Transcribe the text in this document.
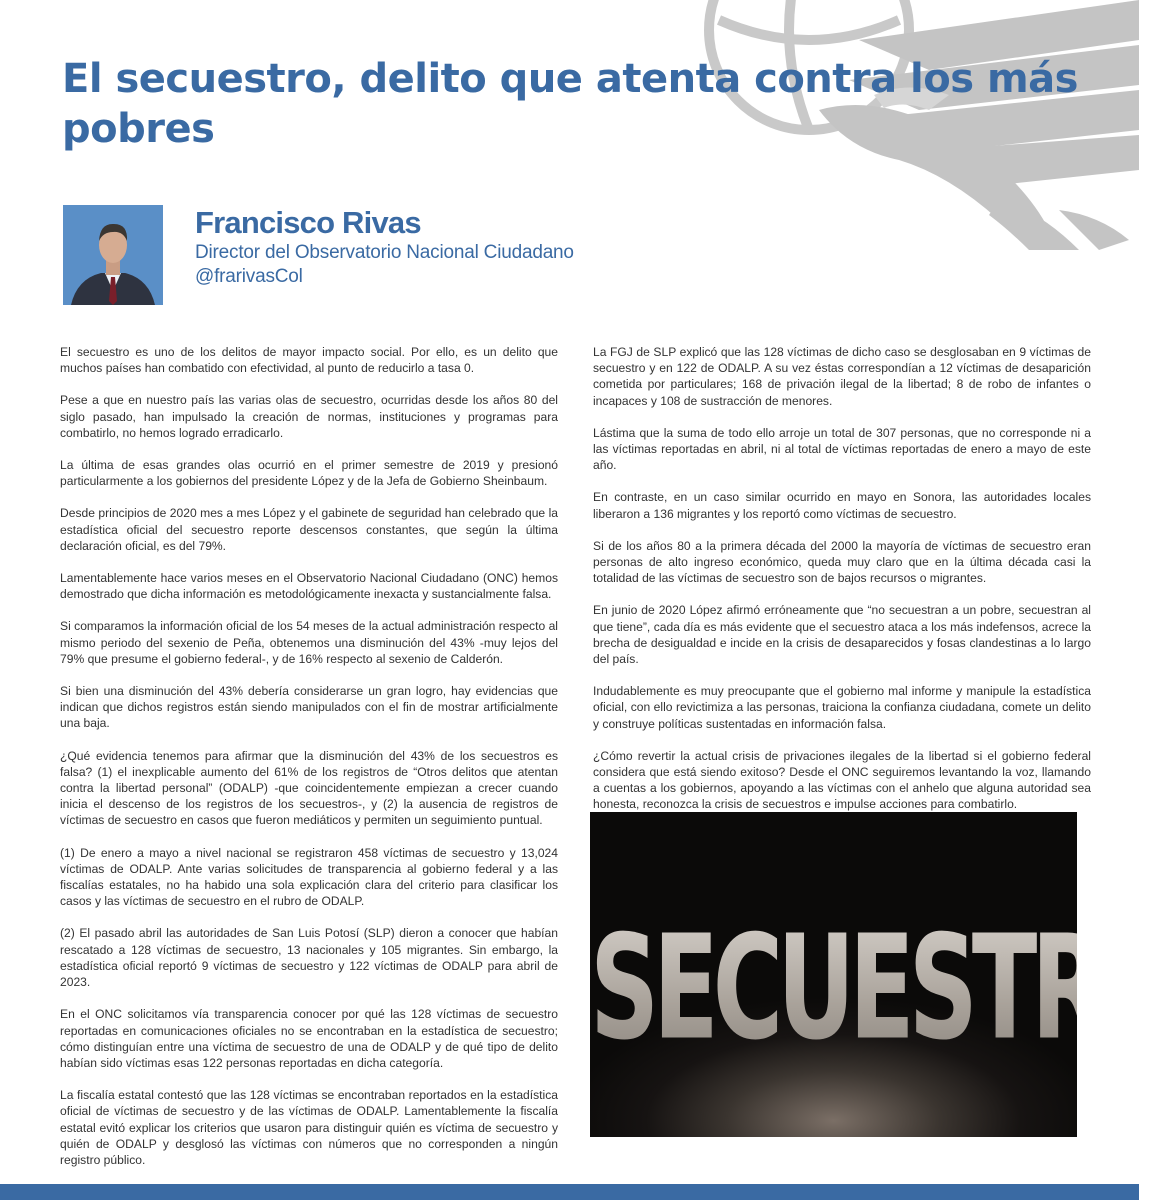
El secuestro, delito que atenta contra los más pobres
Francisco Rivas
Director del Observatorio Nacional Ciudadano
@frarivasCol

El secuestro es uno de los delitos de mayor impacto social. Por ello, es un delito que muchos países han combatido con efectividad, al punto de reducirlo a tasa 0.

Pese a que en nuestro país las varias olas de secuestro, ocurridas desde los años 80 del siglo pasado, han impulsado la creación de normas, instituciones y programas para combatirlo, no hemos logrado erradicarlo.

La última de esas grandes olas ocurrió en el primer semestre de 2019 y presionó particularmente a los gobiernos del presidente López y de la Jefa de Gobierno Sheinbaum.

Desde principios de 2020 mes a mes López y el gabinete de seguridad han celebrado que la estadística oficial del secuestro reporte descensos constantes, que según la última declaración oficial, es del 79%.

Lamentablemente hace varios meses en el Observatorio Nacional Ciudadano (ONC) hemos demostrado que dicha información es metodológicamente inexacta y sustancialmente falsa.

Si comparamos la información oficial de los 54 meses de la actual administración respecto al mismo periodo del sexenio de Peña, obtenemos una disminución del 43% -muy lejos del 79% que presume el gobierno federal-, y de 16% respecto al sexenio de Calderón.

Si bien una disminución del 43% debería considerarse un gran logro, hay evidencias que indican que dichos registros están siendo manipulados con el fin de mostrar artificialmente una baja.

¿Qué evidencia tenemos para afirmar que la disminución del 43% de los secuestros es falsa? (1) el inexplicable aumento del 61% de los registros de “Otros delitos que atentan contra la libertad personal” (ODALP) -que coincidentemente empiezan a crecer cuando inicia el descenso de los registros de los secuestros-, y (2) la ausencia de registros de víctimas de secuestro en casos que fueron mediáticos y permiten un seguimiento puntual.

(1) De enero a mayo a nivel nacional se registraron 458 víctimas de secuestro y 13,024 víctimas de ODALP. Ante varias solicitudes de transparencia al gobierno federal y a las fiscalías estatales, no ha habido una sola explicación clara del criterio para clasificar los casos y las víctimas de secuestro en el rubro de ODALP.

(2) El pasado abril las autoridades de San Luis Potosí (SLP) dieron a conocer que habían rescatado a 128 víctimas de secuestro, 13 nacionales y 105 migrantes. Sin embargo, la estadística oficial reportó 9 víctimas de secuestro y 122 víctimas de ODALP para abril de 2023.

En el ONC solicitamos vía transparencia conocer por qué las 128 víctimas de secuestro reportadas en comunicaciones oficiales no se encontraban en la estadística de secuestro; cómo distinguían entre una víctima de secuestro de una de ODALP y de qué tipo de delito habían sido víctimas esas 122 personas reportadas en dicha categoría.

La fiscalía estatal contestó que las 128 víctimas se encontraban reportados en la estadística oficial de víctimas de secuestro y de las víctimas de ODALP. Lamentablemente la fiscalía estatal evitó explicar los criterios que usaron para distinguir quién es víctima de secuestro y quién de ODALP y desglosó las víctimas con números que no corresponden a ningún registro público.

La FGJ de SLP explicó que las 128 víctimas de dicho caso se desglosaban en 9 víctimas de secuestro y en 122 de ODALP. A su vez éstas correspondían a 12 víctimas de desaparición cometida por particulares; 168 de privación ilegal de la libertad; 8 de robo de infantes o incapaces y 108 de sustracción de menores.

Lástima que la suma de todo ello arroje un total de 307 personas, que no corresponde ni a las víctimas reportadas en abril, ni al total de víctimas reportadas de enero a mayo de este año.

En contraste, en un caso similar ocurrido en mayo en Sonora, las autoridades locales liberaron a 136 migrantes y los reportó como víctimas de secuestro.

Si de los años 80 a la primera década del 2000 la mayoría de víctimas de secuestro eran personas de alto ingreso económico, queda muy claro que en la última década casi la totalidad de las víctimas de secuestro son de bajos recursos o migrantes.

En junio de 2020 López afirmó erróneamente que “no secuestran a un pobre, secuestran al que tiene”, cada día es más evidente que el secuestro ataca a los más indefensos, acrece la brecha de desigualdad e incide en la crisis de desaparecidos y fosas clandestinas a lo largo del país.

Indudablemente es muy preocupante que el gobierno mal informe y manipule la estadística oficial, con ello revictimiza a las personas, traiciona la confianza ciudadana, comete un delito y construye políticas sustentadas en información falsa.

¿Cómo revertir la actual crisis de privaciones ilegales de la libertad si el gobierno federal considera que está siendo exitoso? Desde el ONC seguiremos levantando la voz, llamando a cuentas a los gobiernos, apoyando a las víctimas con el anhelo que alguna autoridad sea honesta, reconozca la crisis de secuestros e impulse acciones para combatirlo.

SECUESTRO
